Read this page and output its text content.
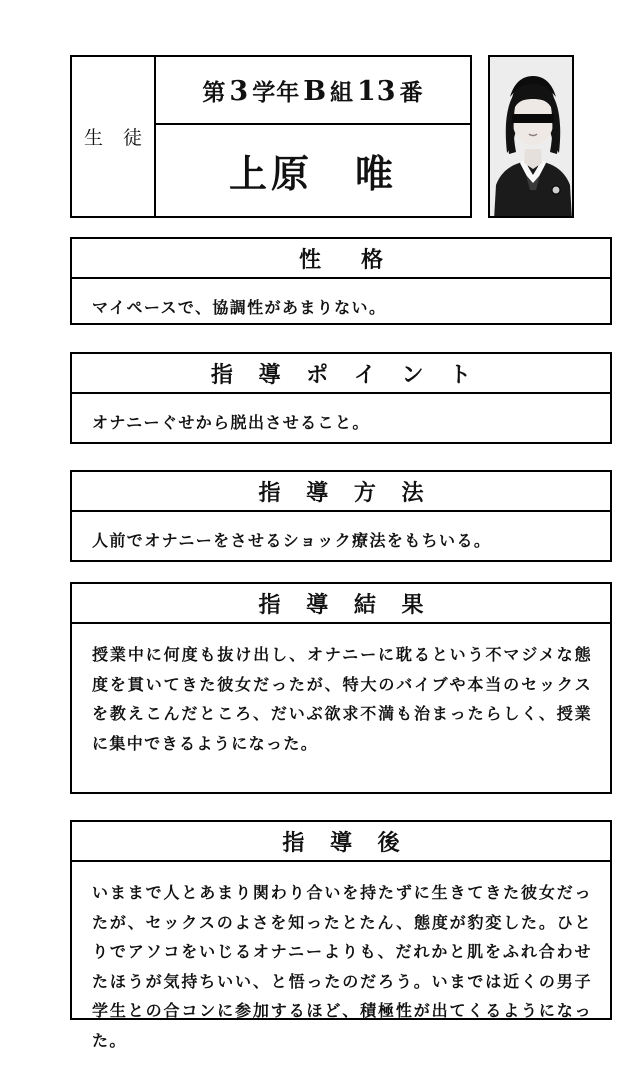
生 徒
第 3 学年 B 組 13 番
上原　唯
性　格

マイペースで、協調性があまりない。

指 導 ポ イ ン ト

オナニーぐせから脱出させること。

指 導 方 法

人前でオナニーをさせるショック療法をもちいる。

指 導 結 果

授業中に何度も抜け出し、オナニーに耽るという不マジメな態度を貫いてきた彼女だったが、特大のバイブや本当のセックスを教えこんだところ、だいぶ欲求不満も治まったらしく、授業に集中できるようになった。

指 導 後

いままで人とあまり関わり合いを持たずに生きてきた彼女だったが、セックスのよさを知ったとたん、態度が豹変した。ひとりでアソコをいじるオナニーよりも、だれかと肌をふれ合わせたほうが気持ちいい、と悟ったのだろう。いまでは近くの男子学生との合コンに参加するほど、積極性が出てくるようになった。
